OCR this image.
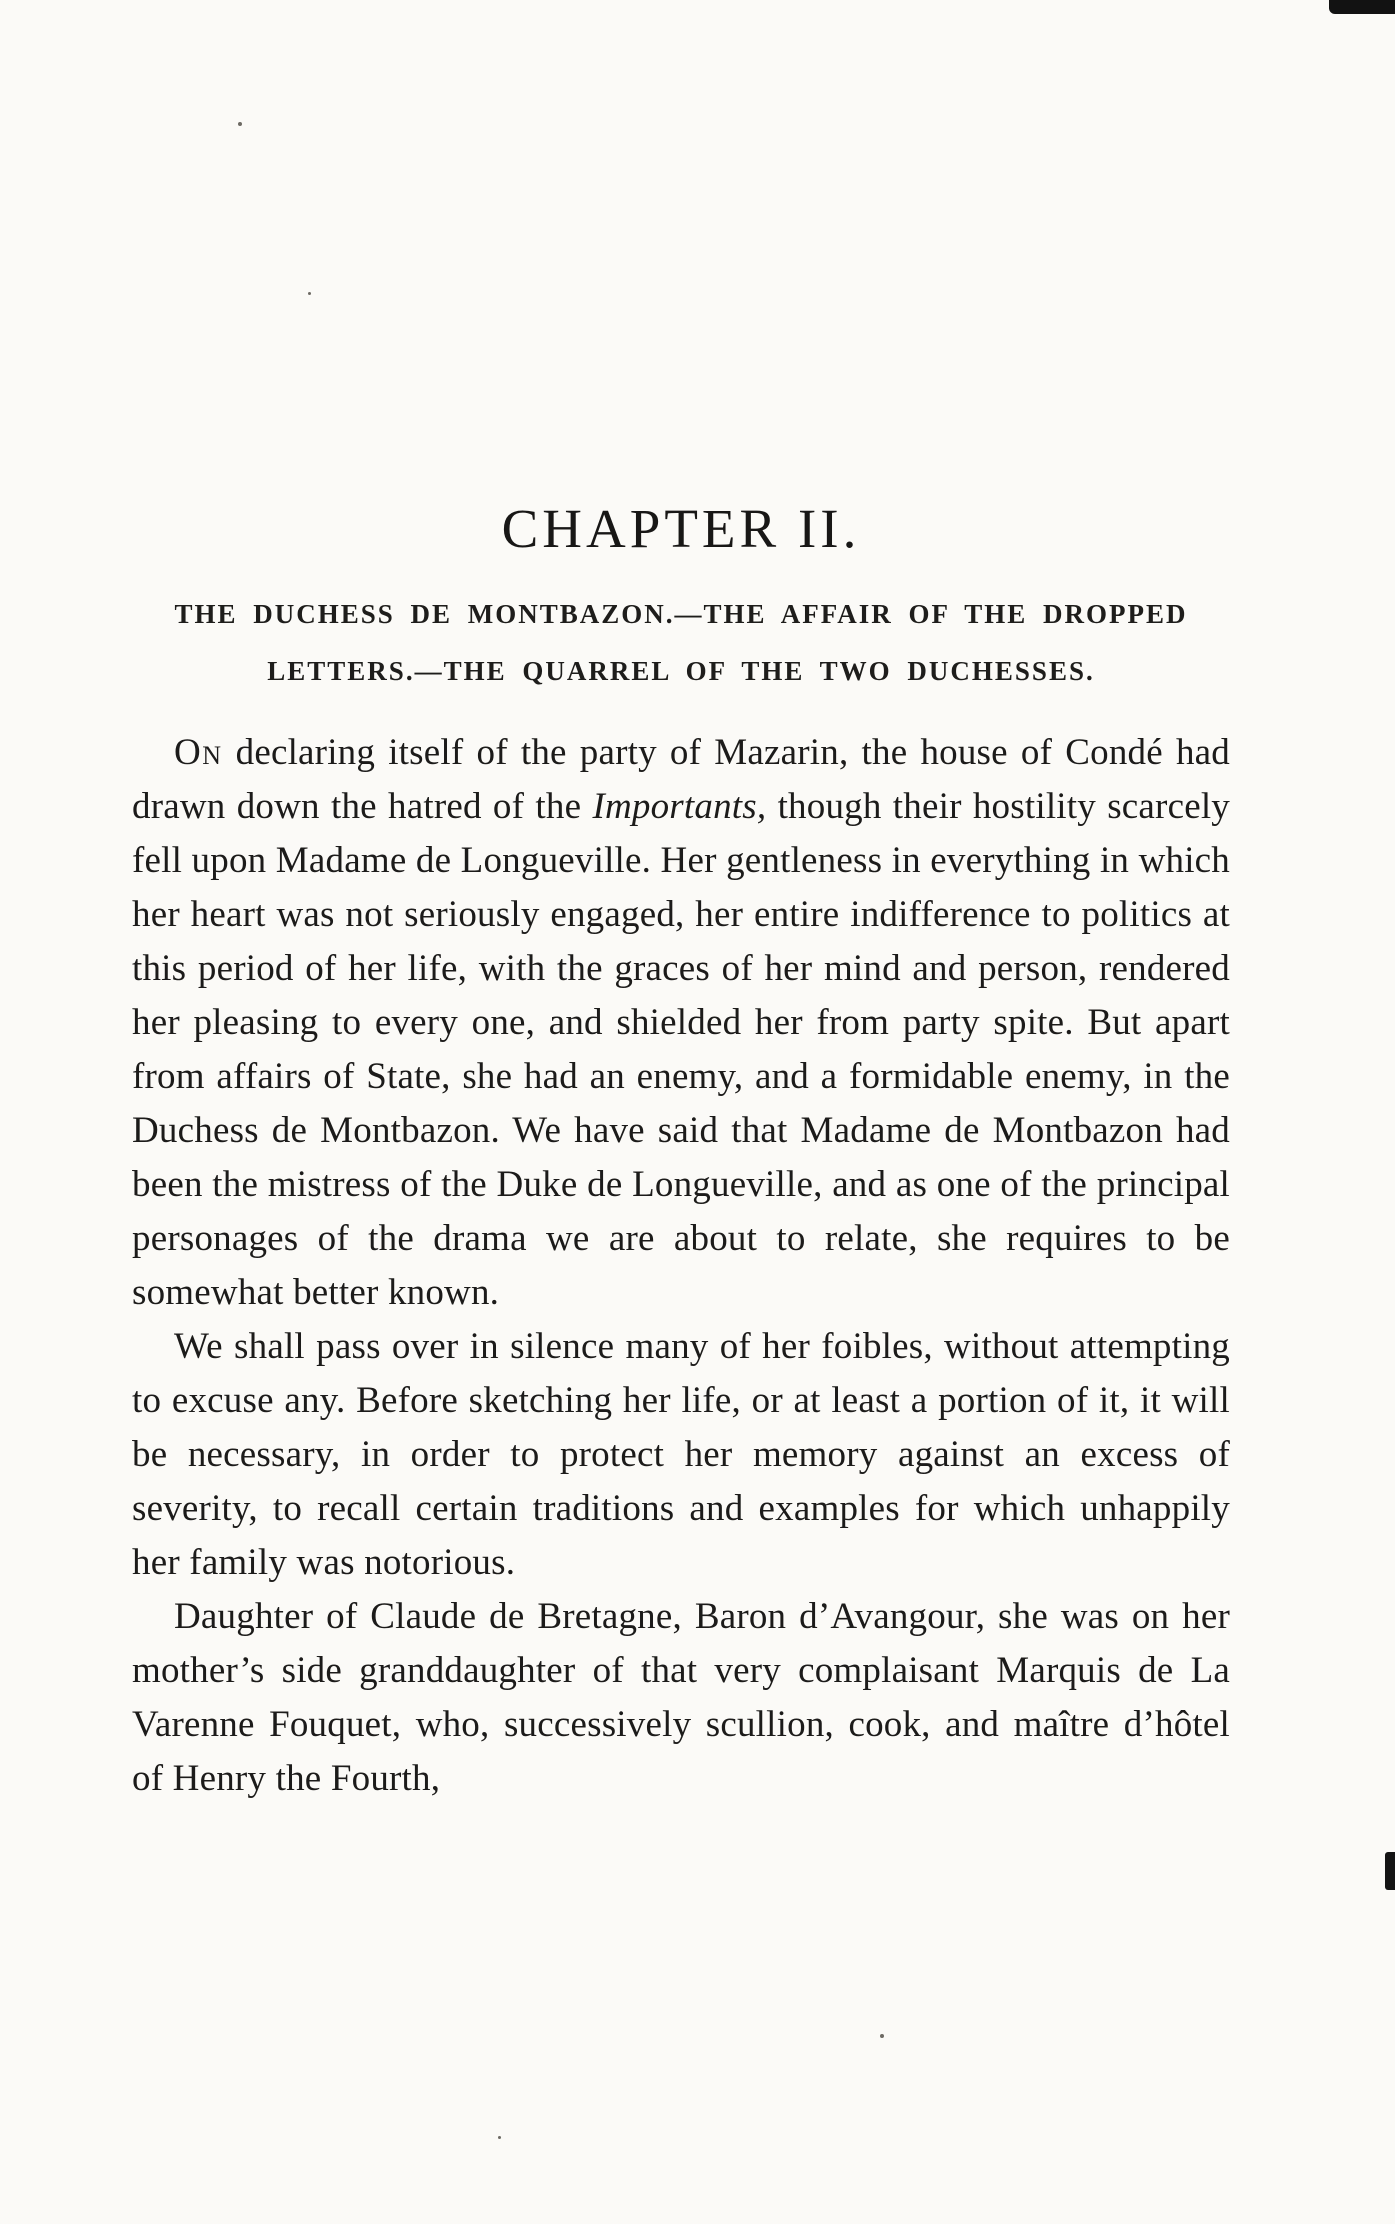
CHAPTER II.
THE DUCHESS DE MONTBAZON.—THE AFFAIR OF THE DROPPED
LETTERS.—THE QUARREL OF THE TWO DUCHESSES.

On declaring itself of the party of Mazarin, the house of Condé had drawn down the hatred of the Importants, though their hostility scarcely fell upon Madame de Longueville. Her gentleness in everything in which her heart was not seriously engaged, her entire indifference to politics at this period of her life, with the graces of her mind and person, rendered her pleasing to every one, and shielded her from party spite. But apart from affairs of State, she had an enemy, and a formidable enemy, in the Duchess de Montbazon. We have said that Madame de Montbazon had been the mistress of the Duke de Longueville, and as one of the principal personages of the drama we are about to relate, she requires to be somewhat better known.

We shall pass over in silence many of her foibles, without attempting to excuse any. Before sketching her life, or at least a portion of it, it will be necessary, in order to protect her memory against an excess of severity, to recall certain traditions and examples for which unhappily her family was notorious.

Daughter of Claude de Bretagne, Baron d’Avangour, she was on her mother’s side granddaughter of that very complaisant Marquis de La Varenne Fouquet, who, successively scullion, cook, and maître d’hôtel of Henry the Fourth,
